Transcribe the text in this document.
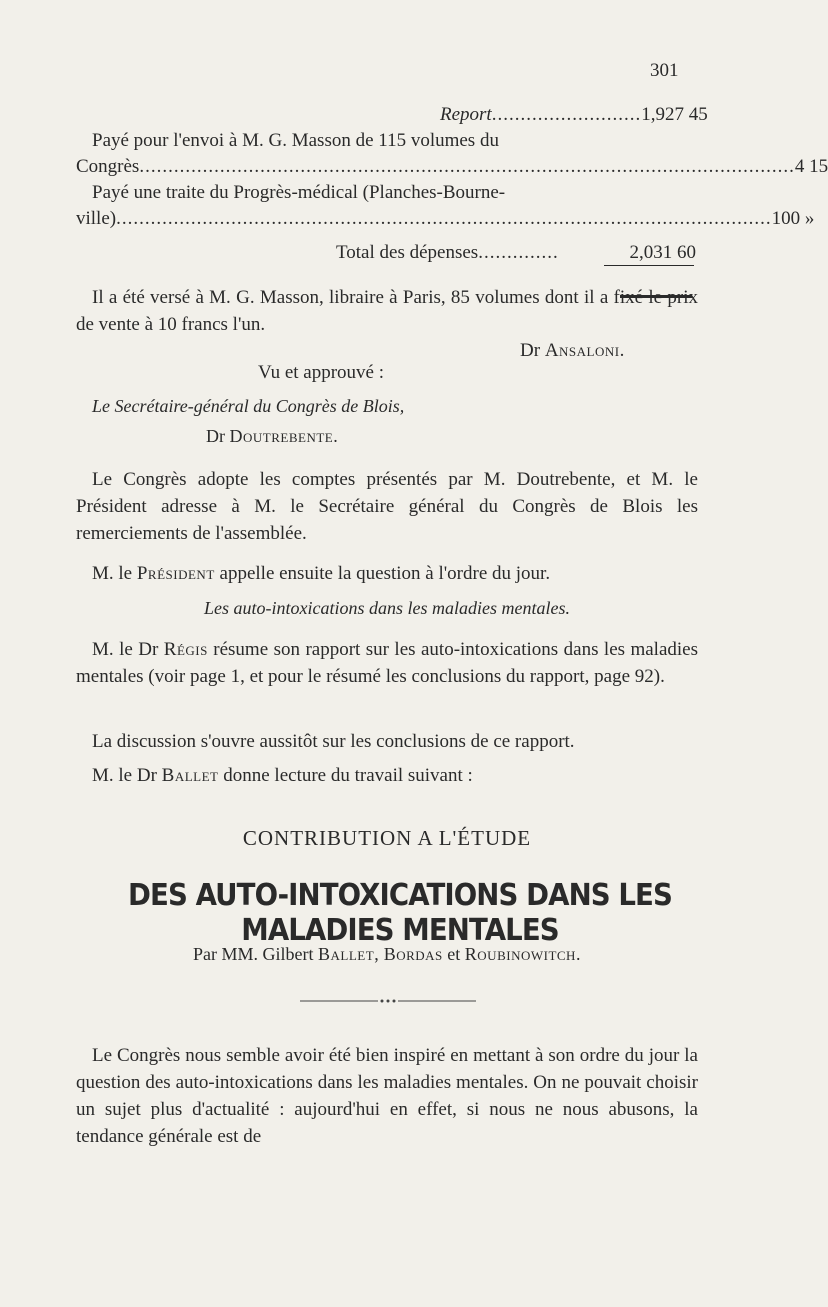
301
Report .......................... 1,927 45
Payé pour l'envoi à M. G. Masson de 115 volumes du
Congrès .................................................................................................................. 4 15
Payé une traite du Progrès-médical (Planches-Bourne-
ville) .................................................................................................................. 100 »
Total des dépenses ..............	2,031 60
Il a été versé à M. G. Masson, libraire à Paris, 85 volumes dont il a fixé le prix de vente à 10 francs l'un.
Dr Ansaloni.
Vu et approuvé :
Le Secrétaire-général du Congrès de Blois,
Dr Doutrebente.
Le Congrès adopte les comptes présentés par M. Doutrebente, et M. le Président adresse à M. le Secrétaire général du Congrès de Blois les remerciements de l'assemblée.
M. le Président appelle ensuite la question à l'ordre du jour.
Les auto-intoxications dans les maladies mentales.
M. le Dr Régis résume son rapport sur les auto-intoxications dans les maladies mentales (voir page 1, et pour le résumé les conclusions du rapport, page 92).
La discussion s'ouvre aussitôt sur les conclusions de ce rapport.
M. le Dr Ballet donne lecture du travail suivant :
CONTRIBUTION A L'ÉTUDE
DES AUTO-INTOXICATIONS DANS LES MALADIES MENTALES
Par MM. Gilbert Ballet, Bordas et Roubinowitch.
Le Congrès nous semble avoir été bien inspiré en mettant à son ordre du jour la question des auto-intoxications dans les maladies mentales. On ne pouvait choisir un sujet plus d'actualité : aujourd'hui en effet, si nous ne nous abusons, la tendance générale est de
